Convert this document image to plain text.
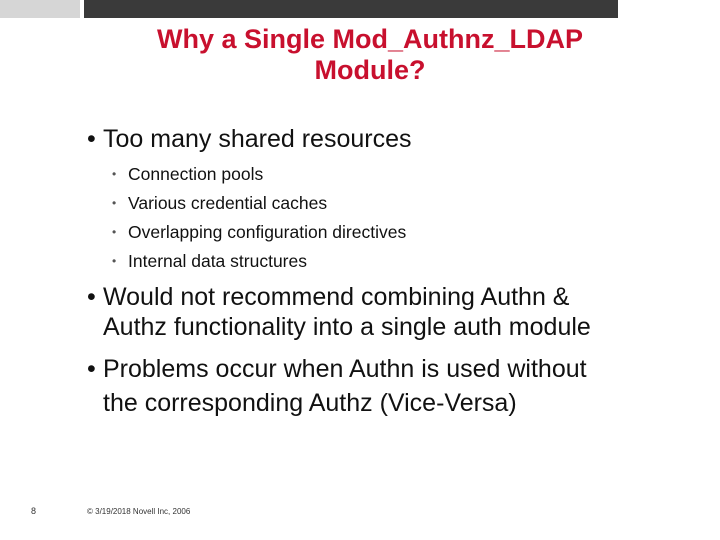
Why a Single Mod_Authnz_LDAP
Module?
• Too many shared resources
• Connection pools
• Various credential caches
• Overlapping configuration directives
• Internal data structures
• Would not recommend combining Authn &
Authz functionality into a single auth module
• Problems occur when Authn is used without
the corresponding Authz (Vice-Versa)
8	© 3/19/2018 Novell Inc, 2006
